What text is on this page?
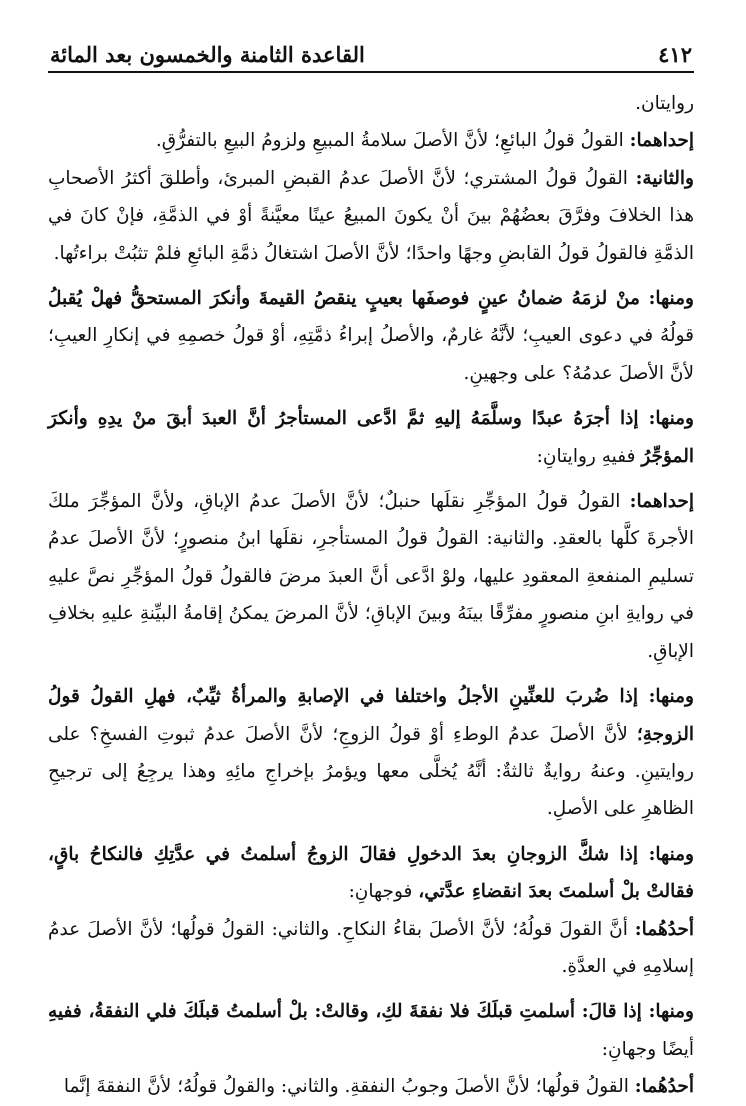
٤١٢
القاعدة الثامنة والخمسون بعد المائة

روايتان.

إحداهما: القولُ قولُ البائعِ؛ لأنَّ الأصلَ سلامةُ المبيعِ ولزومُ البيعِ بالتفرُّقِ.

والثانية: القولُ قولُ المشتري؛ لأنَّ الأصلَ عدمُ القبضِ المبرئ، وأطلقَ أكثرُ الأصحابِ هذا الخلافَ وفرَّقَ بعضُهُمْ بينَ أنْ يكونَ المبيعُ عينًا معيَّنةً أوْ في الذمَّةِ، فإنْ كانَ في الذمَّةِ فالقولُ قولُ القابضِ وجهًا واحدًا؛ لأنَّ الأصلَ اشتغالُ ذمَّةِ البائعِ فلمْ تثبُتْ براءتُها.

ومنها: منْ لزمَهُ ضمانُ عينٍ فوصفَها بعيبٍ ينقصُ القيمةَ وأنكرَ المستحقُّ فهلْ يُقبلُ قولُهُ في دعوى العيبِ؛ لأنَّهُ غارمٌ، والأصلُ إبراءُ ذمَّتِهِ، أوْ قولُ خصمِهِ في إنكارِ العيبِ؛ لأنَّ الأصلَ عدمُهُ؟ على وجهينِ.

ومنها: إذا أجرَهُ عبدًا وسلَّمَهُ إليهِ ثمَّ ادَّعى المستأجرُ أنَّ العبدَ أبقَ منْ يدِهِ وأنكرَ المؤجِّرُ ففيهِ روايتانِ:

إحداهما: القولُ قولُ المؤجِّرِ نقلَها حنبلٌ؛ لأنَّ الأصلَ عدمُ الإباقِ، ولأنَّ المؤجِّرَ ملكَ الأجرةَ كلَّها بالعقدِ. والثانية: القولُ قولُ المستأجرِ، نقلَها ابنُ منصورٍ؛ لأنَّ الأصلَ عدمُ تسليمِ المنفعةِ المعقودِ عليها، ولوْ ادَّعى أنَّ العبدَ مرضَ فالقولُ قولُ المؤجِّرِ نصَّ عليهِ في روايةِ ابنِ منصورٍ مفرِّقًا بينَهُ وبينَ الإباقِ؛ لأنَّ المرضَ يمكنُ إقامةُ البيِّنةِ عليهِ بخلافِ الإباقِ.

ومنها: إذا ضُربَ للعنِّينِ الأجلُ واختلفا في الإصابةِ والمرأةُ ثيِّبٌ، فهلِ القولُ قولُ الزوجةِ؛ لأنَّ الأصلَ عدمُ الوطءِ أوْ قولُ الزوجِ؛ لأنَّ الأصلَ عدمُ ثبوتِ الفسخِ؟ على روايتينِ. وعنهُ روايةٌ ثالثةٌ: أنَّهُ يُخلَّى معها ويؤمرُ بإخراجِ مائِهِ وهذا يرجِعُ إلى ترجيحِ الظاهرِ على الأصلِ.

ومنها: إذا شكَّ الزوجانِ بعدَ الدخولِ فقالَ الزوجُ أسلمتُ في عدَّتِكِ فالنكاحُ باقٍ، فقالتْ بلْ أسلمتَ بعدَ انقضاءِ عدَّتي، فوجهانِ:

أحدُهُما: أنَّ القولَ قولُهُ؛ لأنَّ الأصلَ بقاءُ النكاحِ. والثاني: القولُ قولُها؛ لأنَّ الأصلَ عدمُ إسلامِهِ في العدَّةِ.

ومنها: إذا قالَ: أسلمتِ قبلَكَ فلا نفقةَ لكِ، وقالتْ: بلْ أسلمتُ قبلَكَ فلي النفقةُ، ففيهِ أيضًا وجهانِ:

أحدُهُما: القولُ قولُها؛ لأنَّ الأصلَ وجوبُ النفقةِ. والثاني: والقولُ قولُهُ؛ لأنَّ النفقةَ إنَّما
